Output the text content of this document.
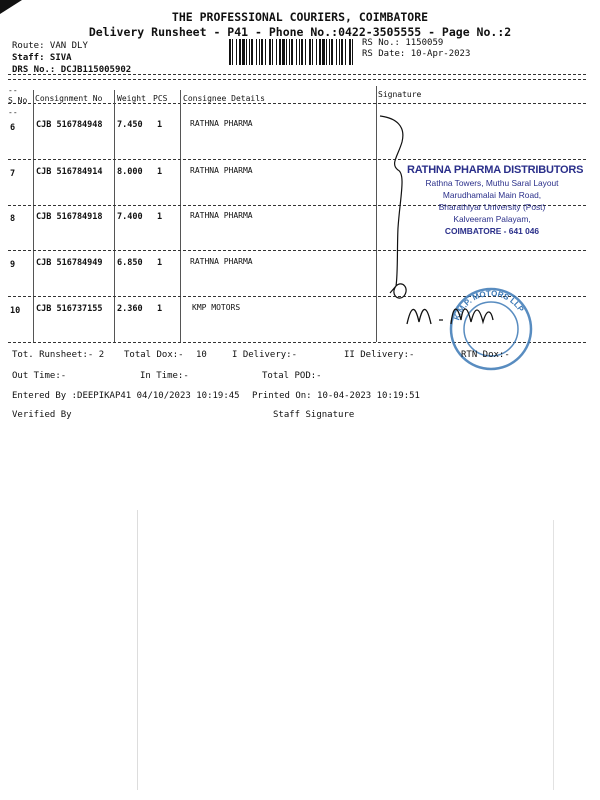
THE PROFESSIONAL COURIERS, COIMBATORE
Delivery Runsheet - P41 - Phone No.:0422-3505555 - Page No.:2
Route: VAN DLY
Staff: SIVA
DRS No.: DCJB115005902
RS No.: 1150059
RS Date: 10-Apr-2023
--
S No Consignment No Weight PCS Consignee Details	Signature
--
6 CJB 516784948 7.450 1	RATHNA PHARMA
7 CJB 516784914 8.000 1	RATHNA PHARMA
8 CJB 516784918 7.400 1	RATHNA PHARMA
9 CJB 516784949 6.850 1	RATHNA PHARMA
10 CJB 516737155 2.360 1	KMP MOTORS
RATHNA PHARMA DISTRIBUTORS
Rathna Towers, Muthu Saral Layout
Marudhamalai Main Road,
Bharathiyar University (Post)
Kalveeram Palayam,
COIMBATORE - 641 046
K.M.P. MOTORS LLP
Tot. Runsheet:- 2 Total Dox:- 10	I Delivery:-	II Delivery:-	RTN Dox:-
Out Time:-	In Time:-	Total POD:-
Entered By :DEEPIKAP41 04/10/2023 10:19:45 Printed On: 10-04-2023 10:19:51
Verified By	Staff Signature
